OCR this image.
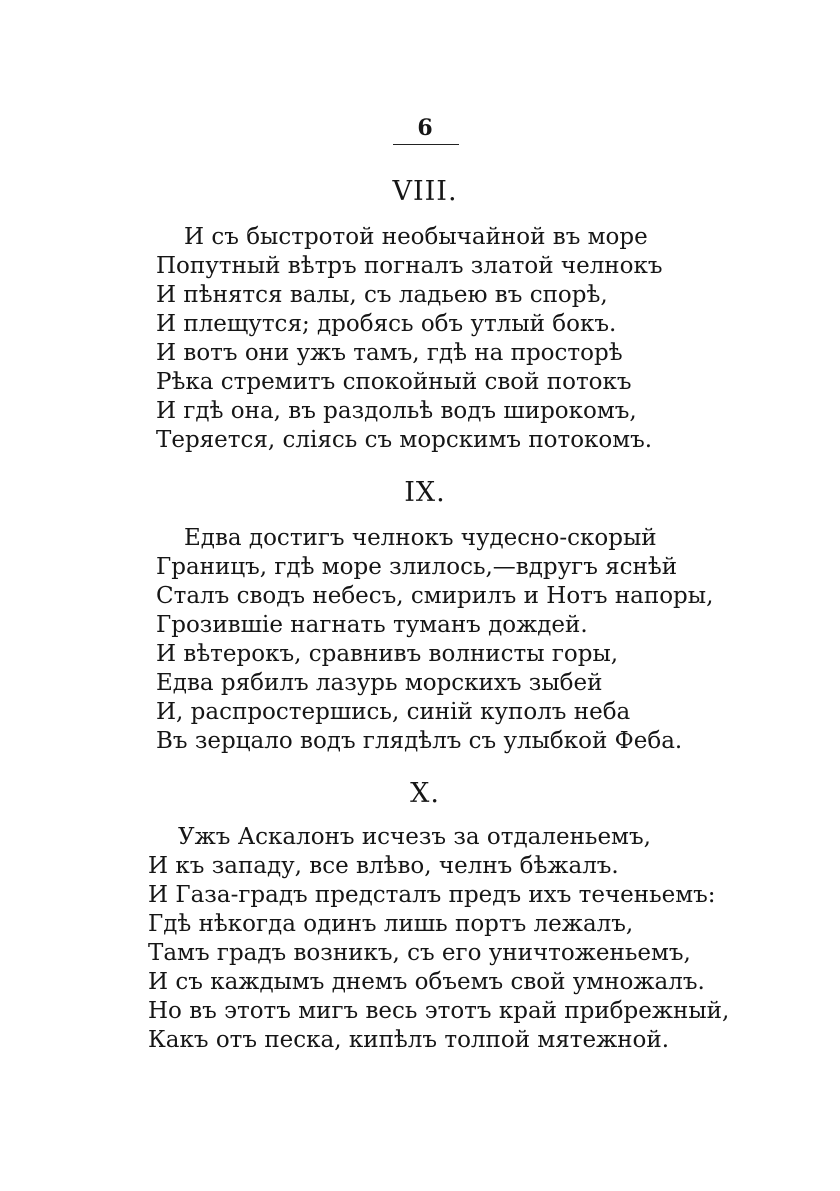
6
VIII.
И съ быстротой необычайной въ море
Попутный вѣтръ погналъ златой челнокъ
И пѣнятся валы, съ ладьею въ спорѣ,
И плещутся; дробясь объ утлый бокъ.
И вотъ они ужъ тамъ, гдѣ на просторѣ
Рѣка стремитъ спокойный свой потокъ
И гдѣ она, въ раздольѣ водъ широкомъ,
Теряется, слiясь съ морскимъ потокомъ.
IX.
Едва достигъ челнокъ чудесно-скорый
Границъ, гдѣ море злилось,—вдругъ яснѣй
Сталъ сводъ небесъ, смирилъ и Нотъ напоры,
Грозившiе нагнать туманъ дождей.
И вѣтерокъ, сравнивъ волнисты горы,
Едва рябилъ лазурь морскихъ зыбей
И, распростершись, синiй куполъ неба
Въ зерцало водъ глядѣлъ съ улыбкой Феба.
X.
Ужъ Аскалонъ исчезъ за отдаленьемъ,
И къ западу, все влѣво, челнъ бѣжалъ.
И Газа-градъ предсталъ предъ ихъ теченьемъ:
Гдѣ нѣкогда одинъ лишь портъ лежалъ,
Тамъ градъ возникъ, съ его уничтоженьемъ,
И съ каждымъ днемъ объемъ свой умножалъ.
Но въ этотъ мигъ весь этотъ край прибрежный,
Какъ отъ песка, кипѣлъ толпой мятежной.
